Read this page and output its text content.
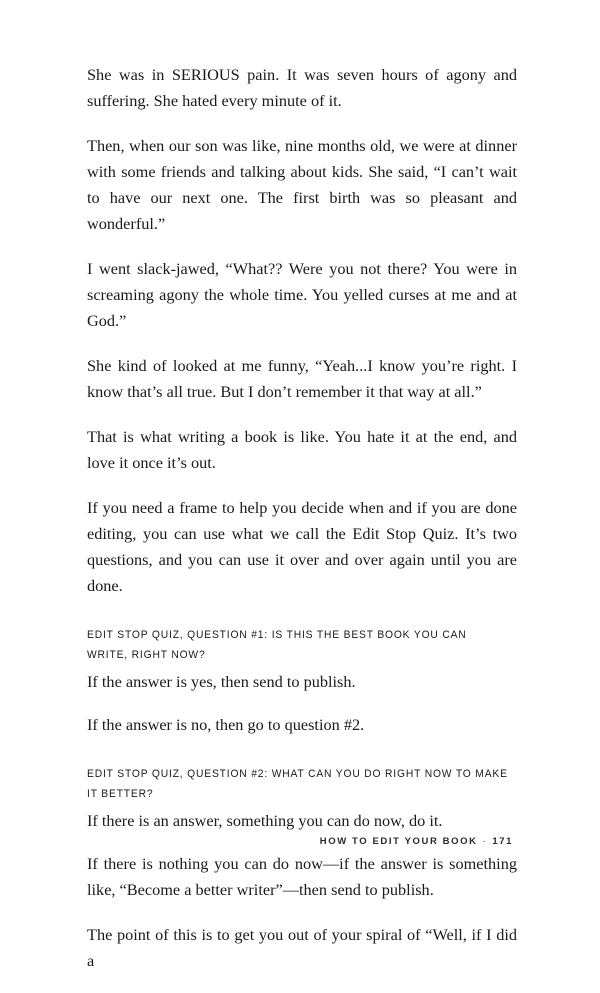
She was in SERIOUS pain. It was seven hours of agony and suffering. She hated every minute of it.

Then, when our son was like, nine months old, we were at dinner with some friends and talking about kids. She said, “I can’t wait to have our next one. The first birth was so pleasant and wonderful.”

I went slack-jawed, “What?? Were you not there? You were in screaming agony the whole time. You yelled curses at me and at God.”

She kind of looked at me funny, “Yeah...I know you’re right. I know that’s all true. But I don’t remember it that way at all.”

That is what writing a book is like. You hate it at the end, and love it once it’s out.

If you need a frame to help you decide when and if you are done editing, you can use what we call the Edit Stop Quiz. It’s two questions, and you can use it over and over again until you are done.

EDIT STOP QUIZ, QUESTION #1: IS THIS THE BEST BOOK YOU CAN WRITE, RIGHT NOW?

If the answer is yes, then send to publish.

If the answer is no, then go to question #2.

EDIT STOP QUIZ, QUESTION #2: WHAT CAN YOU DO RIGHT NOW TO MAKE IT BETTER?

If there is an answer, something you can do now, do it.

If there is nothing you can do now—if the answer is something like, “Become a better writer”—then send to publish.

The point of this is to get you out of your spiral of “Well, if I did a

HOW TO EDIT YOUR BOOK · 171
